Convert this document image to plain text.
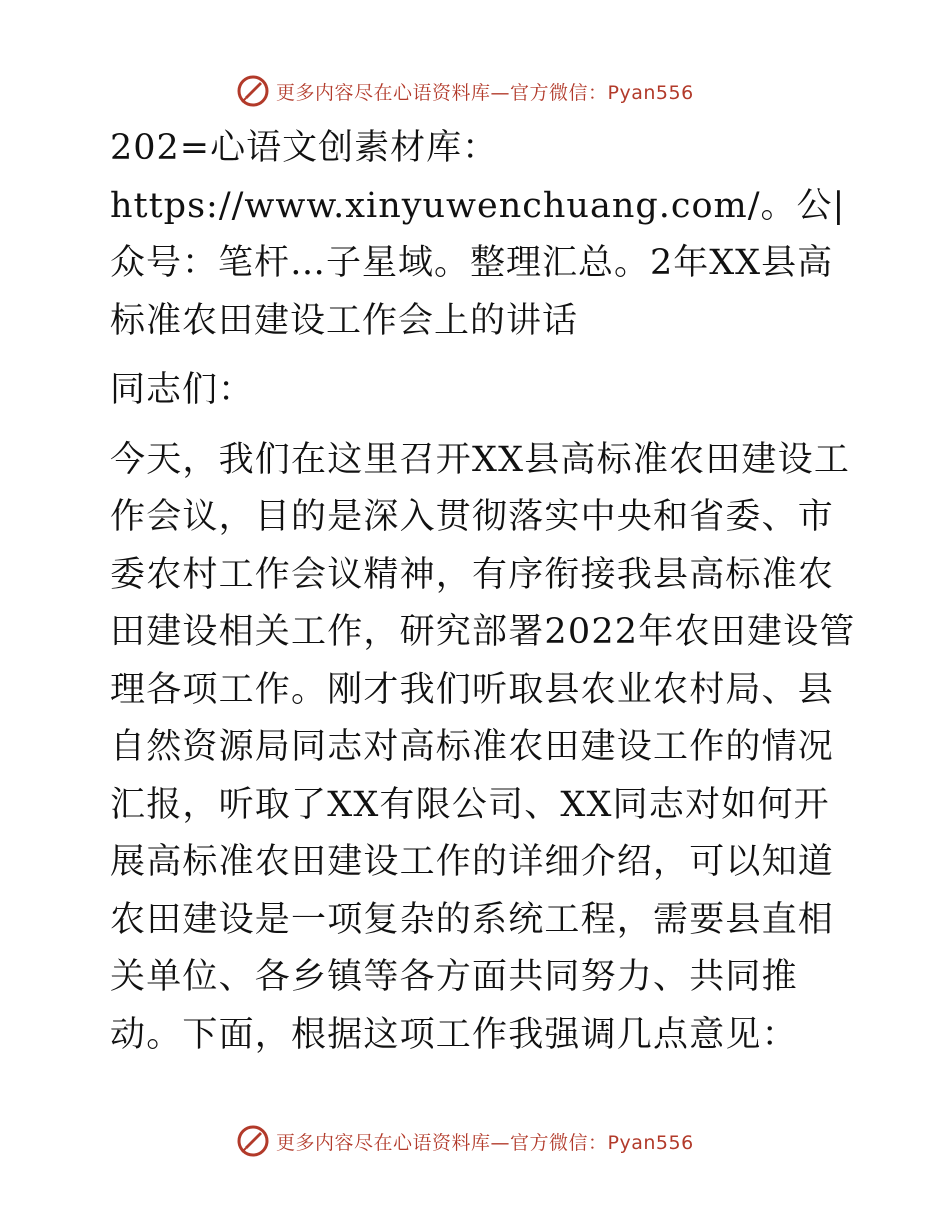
更多内容尽在心语资料库—官方微信：Pyan556

202=心语文创素材库：https://www.xinyuwenchuang.com/。公|众号：笔杆…子星域。整理汇总。2年XX县高标准农田建设工作会上的讲话

同志们：

今天，我们在这里召开XX县高标准农田建设工作会议，目的是深入贯彻落实中央和省委、市委农村工作会议精神，有序衔接我县高标准农田建设相关工作，研究部署2022年农田建设管理各项工作。刚才我们听取县农业农村局、县自然资源局同志对高标准农田建设工作的情况汇报，听取了XX有限公司、XX同志对如何开展高标准农田建设工作的详细介绍，可以知道农田建设是一项复杂的系统工程，需要县直相关单位、各乡镇等各方面共同努力、共同推动。下面，根据这项工作我强调几点意见：

更多内容尽在心语资料库—官方微信：Pyan556
